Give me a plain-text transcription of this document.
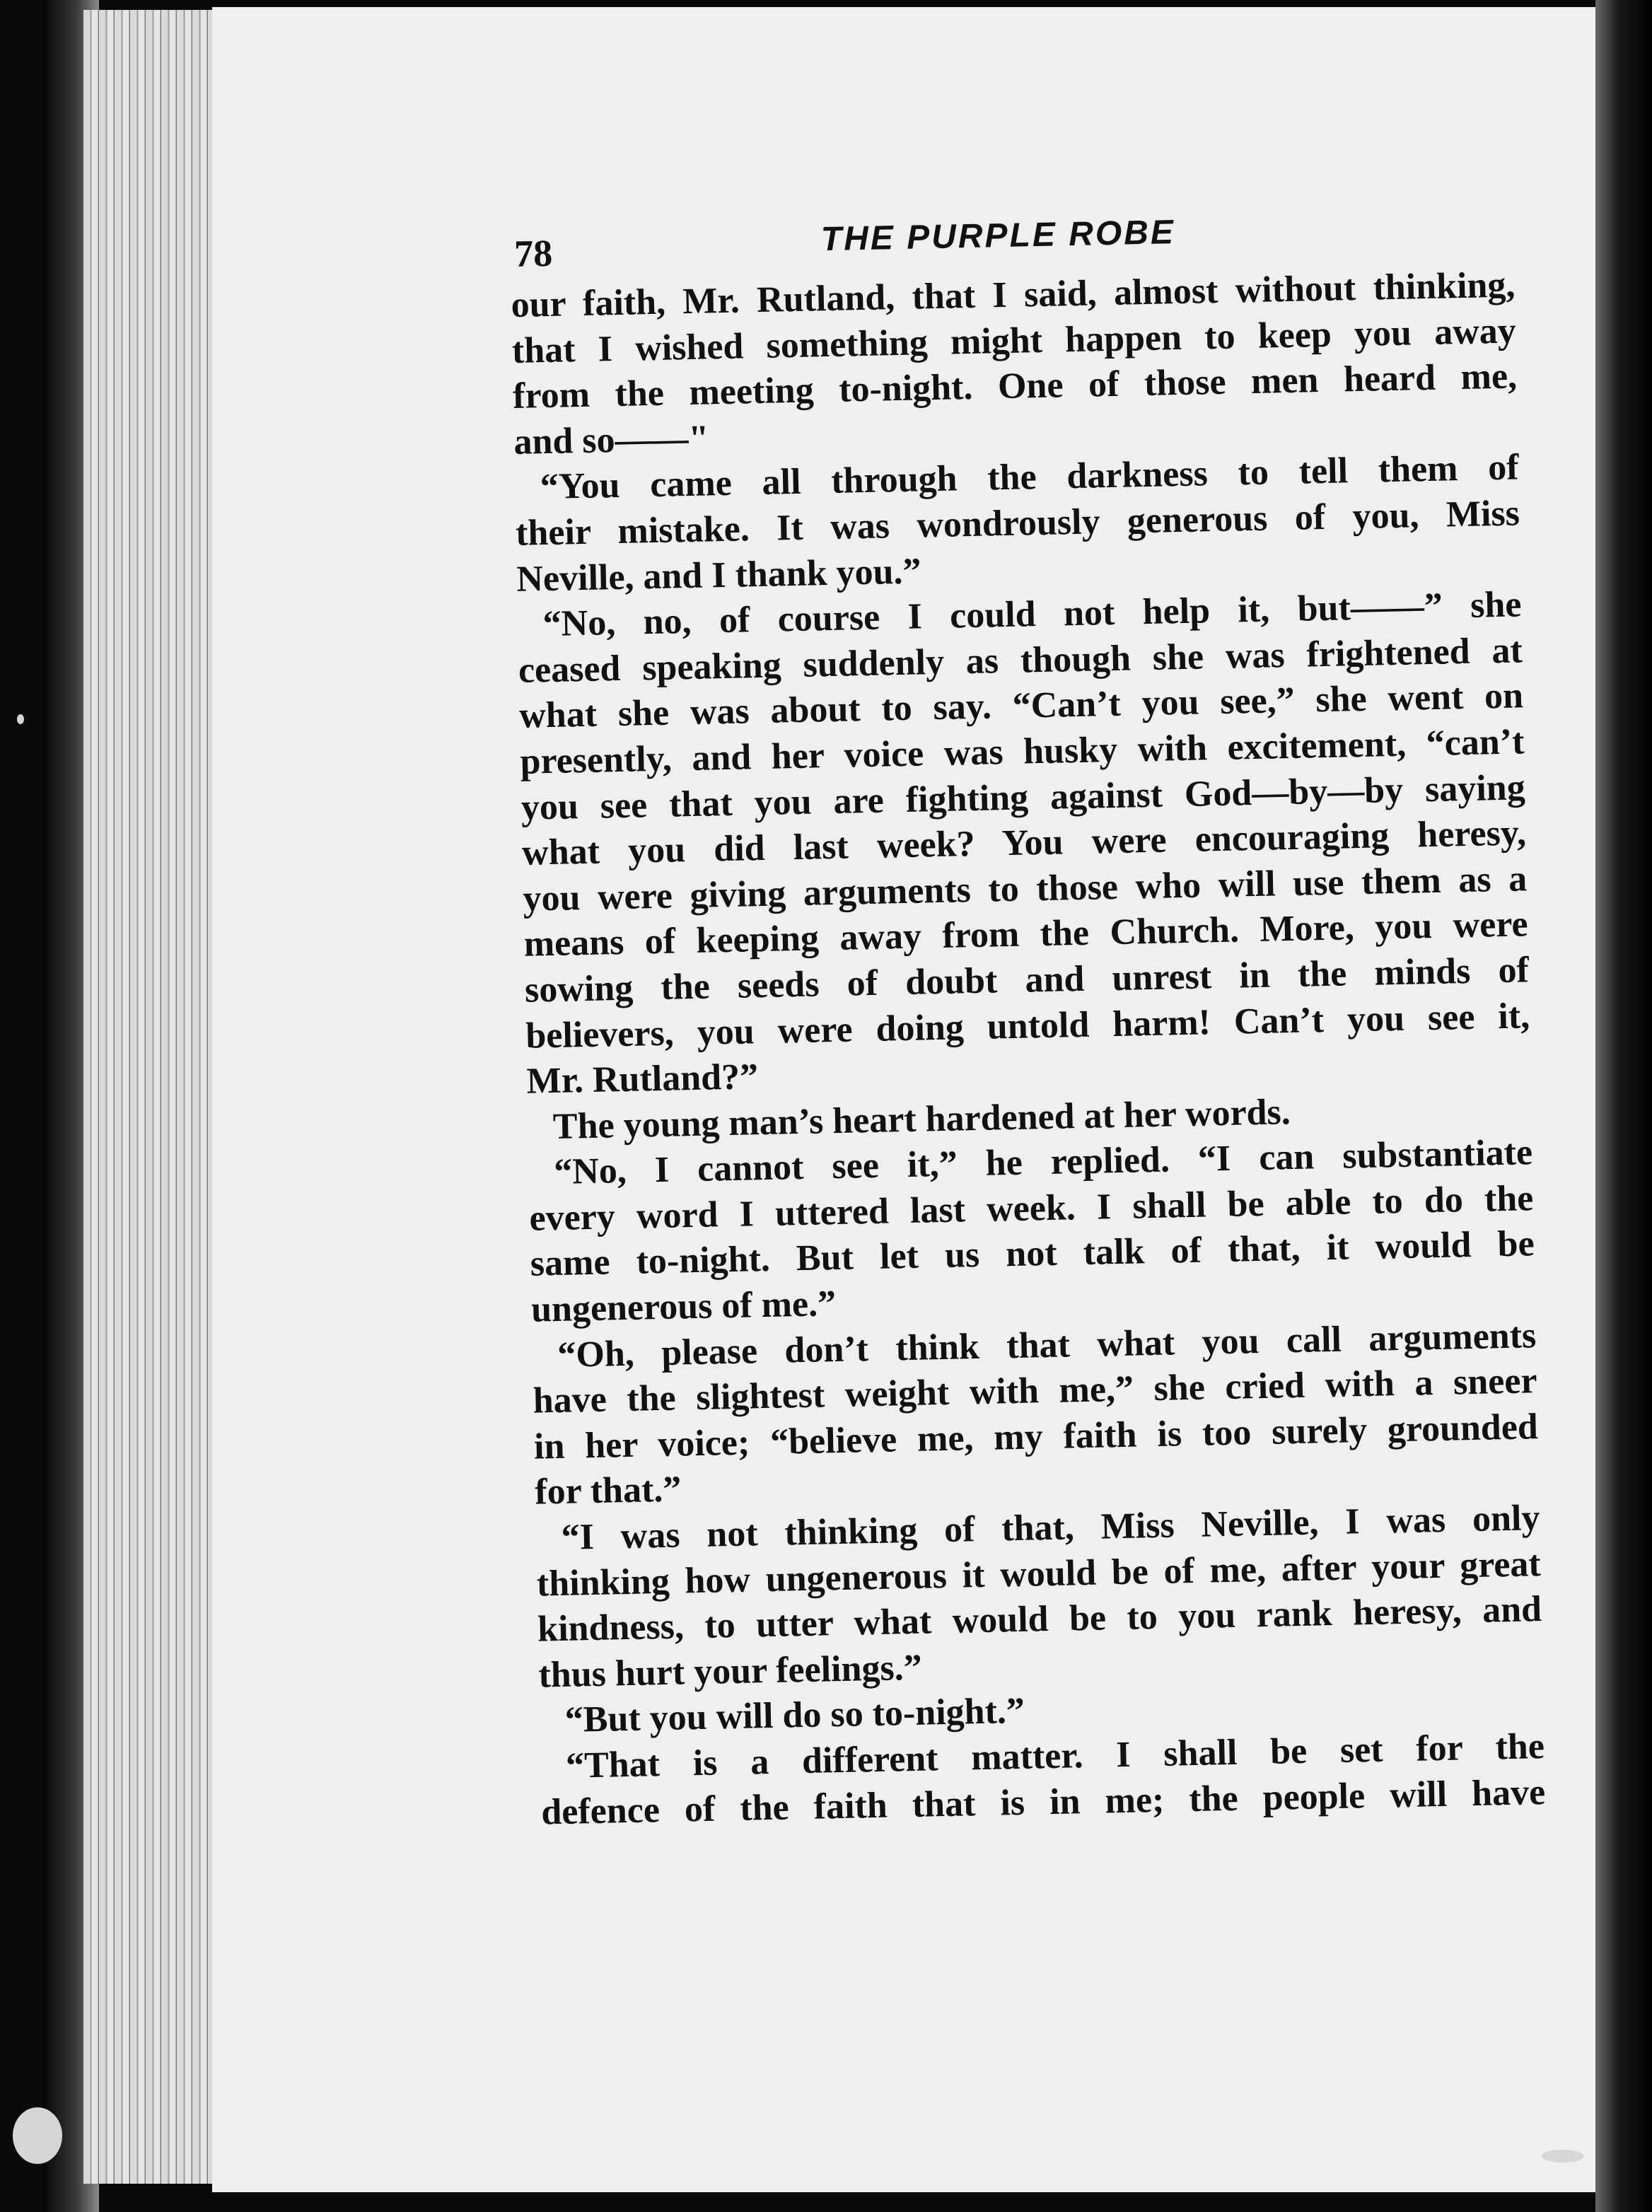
78	THE PURPLE ROBE
our faith, Mr. Rutland, that I said, almost without thinking,
that I wished something might happen to keep you away
from the meeting to-night. One of those men heard me,
and so——"
“You came all through the darkness to tell them of
their mistake. It was wondrously generous of you, Miss
Neville, and I thank you.”
“No, no, of course I could not help it, but——” she
ceased speaking suddenly as though she was frightened at
what she was about to say. “Can’t you see,” she went on
presently, and her voice was husky with excitement, “can’t
you see that you are fighting against God—by—by saying
what you did last week? You were encouraging heresy,
you were giving arguments to those who will use them as a
means of keeping away from the Church. More, you were
sowing the seeds of doubt and unrest in the minds of
believers, you were doing untold harm! Can’t you see it,
Mr. Rutland?”
The young man’s heart hardened at her words.
“No, I cannot see it,” he replied. “I can substantiate
every word I uttered last week. I shall be able to do the
same to-night. But let us not talk of that, it would be
ungenerous of me.”
“Oh, please don’t think that what you call arguments
have the slightest weight with me,” she cried with a sneer
in her voice; “believe me, my faith is too surely grounded
for that.”
“I was not thinking of that, Miss Neville, I was only
thinking how ungenerous it would be of me, after your great
kindness, to utter what would be to you rank heresy, and
thus hurt your feelings.”
“But you will do so to-night.”
“That is a different matter. I shall be set for the
defence of the faith that is in me; the people will have
